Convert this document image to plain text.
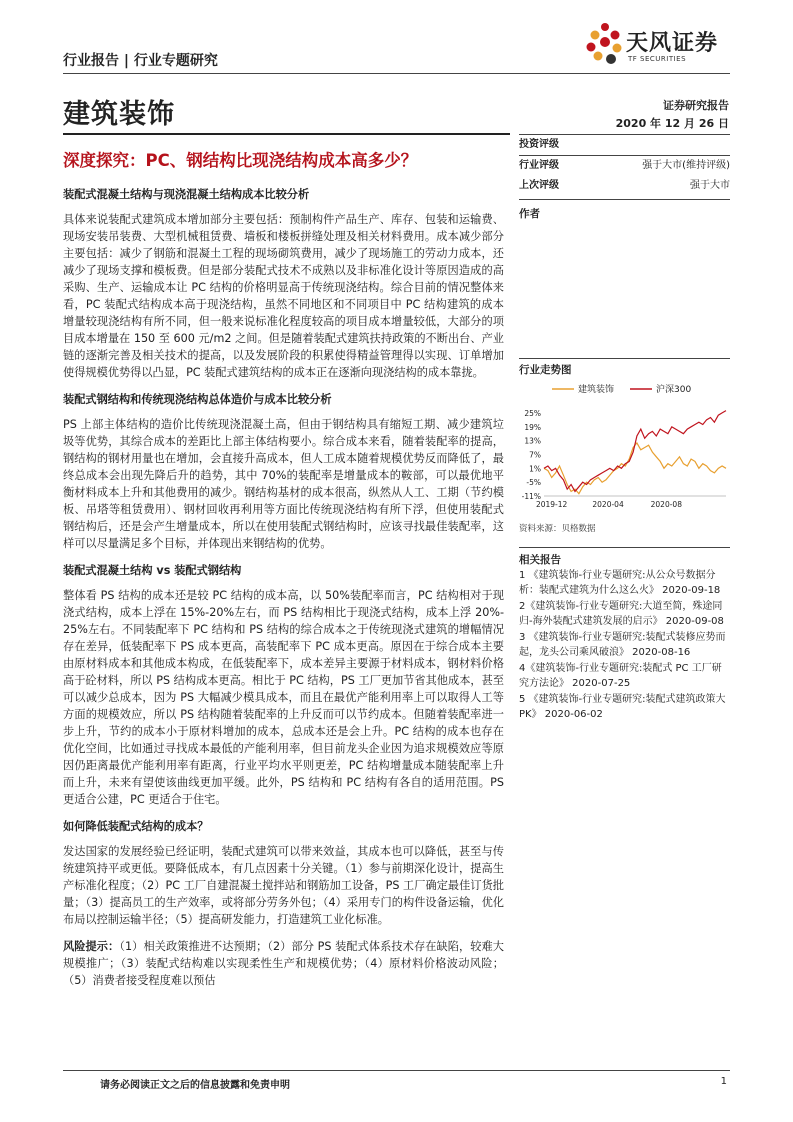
行业报告 | 行业专题研究
天风证券
TF SECURITIES
建筑装饰	证券研究报告
2020 年 12 月 26 日
深度探究：PC、钢结构比现浇结构成本高多少？
装配式混凝土结构与现浇混凝土结构成本比较分析
具体来说装配式建筑成本增加部分主要包括：预制构件产品生产、库存、包装和运输费、现场安装吊装费、大型机械租赁费、墙板和楼板拼缝处理及相关材料费用。成本减少部分主要包括：减少了钢筋和混凝土工程的现场砌筑费用，减少了现场施工的劳动力成本，还减少了现场支撑和模板费。但是部分装配式技术不成熟以及非标准化设计等原因造成的高采购、生产、运输成本让 PC 结构的价格明显高于传统现浇结构。综合目前的情况整体来看，PC 装配式结构成本高于现浇结构，虽然不同地区和不同项目中 PC 结构建筑的成本增量较现浇结构有所不同，但一般来说标准化程度较高的项目成本增量较低，大部分的项目成本增量在 150 至 600 元/m2 之间。但是随着装配式建筑扶持政策的不断出台、产业链的逐渐完善及相关技术的提高，以及发展阶段的积累使得精益管理得以实现、订单增加使得规模优势得以凸显，PC 装配式建筑结构的成本正在逐渐向现浇结构的成本靠拢。
装配式钢结构和传统现浇结构总体造价与成本比较分析
PS 上部主体结构的造价比传统现浇混凝土高，但由于钢结构具有缩短工期、减少建筑垃圾等优势，其综合成本的差距比上部主体结构要小。综合成本来看，随着装配率的提高，钢结构的钢材用量也在增加，会直接升高成本，但人工成本随着规模优势反而降低了，最终总成本会出现先降后升的趋势，其中 70%的装配率是增量成本的鞍部，可以最优地平衡材料成本上升和其他费用的减少。钢结构基材的成本很高，纵然从人工、工期（节约模板、吊塔等租赁费用）、钢材回收再利用等方面比传统现浇结构有所下浮，但使用装配式钢结构后，还是会产生增量成本，所以在使用装配式钢结构时，应该寻找最佳装配率，这样可以尽量满足多个目标，并体现出来钢结构的优势。
装配式混凝土结构 vs 装配式钢结构
整体看 PS 结构的成本还是较 PC 结构的成本高，以 50%装配率而言，PC 结构相对于现浇式结构，成本上浮在 15%-20%左右，而 PS 结构相比于现浇式结构，成本上浮 20%-25%左右。不同装配率下 PC 结构和 PS 结构的综合成本之于传统现浇式建筑的增幅情况存在差异，低装配率下 PS 成本更高，高装配率下 PC 成本更高。原因在于综合成本主要由原材料成本和其他成本构成，在低装配率下，成本差异主要源于材料成本，钢材料价格高于砼材料，所以 PS 结构成本更高。相比于 PC 结构，PS 工厂更加节省其他成本，甚至可以减少总成本，因为 PS 大幅减少模具成本，而且在最优产能利用率上可以取得人工等方面的规模效应，所以 PS 结构随着装配率的上升反而可以节约成本。但随着装配率进一步上升，节约的成本小于原材料增加的成本，总成本还是会上升。PC 结构的成本也存在优化空间，比如通过寻找成本最低的产能利用率，但目前龙头企业因为追求规模效应等原因仍距离最优产能利用率有距离，行业平均水平则更差，PC 结构增量成本随装配率上升而上升，未来有望使该曲线更加平缓。此外，PS 结构和 PC 结构有各自的适用范围。PS 更适合公建，PC 更适合于住宅。
如何降低装配式结构的成本？
发达国家的发展经验已经证明，装配式建筑可以带来效益，其成本也可以降低，甚至与传统建筑持平或更低。要降低成本，有几点因素十分关键。（1）参与前期深化设计，提高生产标准化程度；（2）PC 工厂自建混凝土搅拌站和钢筋加工设备，PS 工厂确定最佳订货批量；（3）提高员工的生产效率，或将部分劳务外包；（4）采用专门的构件设备运输，优化布局以控制运输半径；（5）提高研发能力，打造建筑工业化标准。
风险提示：（1）相关政策推进不达预期；（2）部分 PS 装配式体系技术存在缺陷，较难大规模推广；（3）装配式结构难以实现柔性生产和规模优势；（4）原材料价格波动风险；（5）消费者接受程度难以预估
投资评级
行业评级	强于大市(维持评级)
上次评级	强于大市
作者
行业走势图
建筑装饰	沪深300
25%
19%
13%
7%
1%
-5%
-11%
2019-12	2020-04	2020-08
资料来源：贝格数据
相关报告
1 《建筑装饰-行业专题研究:从公众号数据分析：装配式建筑为什么这么火》 2020-09-18
2《建筑装饰-行业专题研究:大道至简，殊途同归-海外装配式建筑发展的启示》 2020-09-08
3 《建筑装饰-行业专题研究:装配式装修应势而起，龙头公司乘风破浪》 2020-08-16
4《建筑装饰-行业专题研究:装配式 PC 工厂研究方法论》 2020-07-25
5 《建筑装饰-行业专题研究:装配式建筑政策大 PK》 2020-06-02
请务必阅读正文之后的信息披露和免责申明	1
